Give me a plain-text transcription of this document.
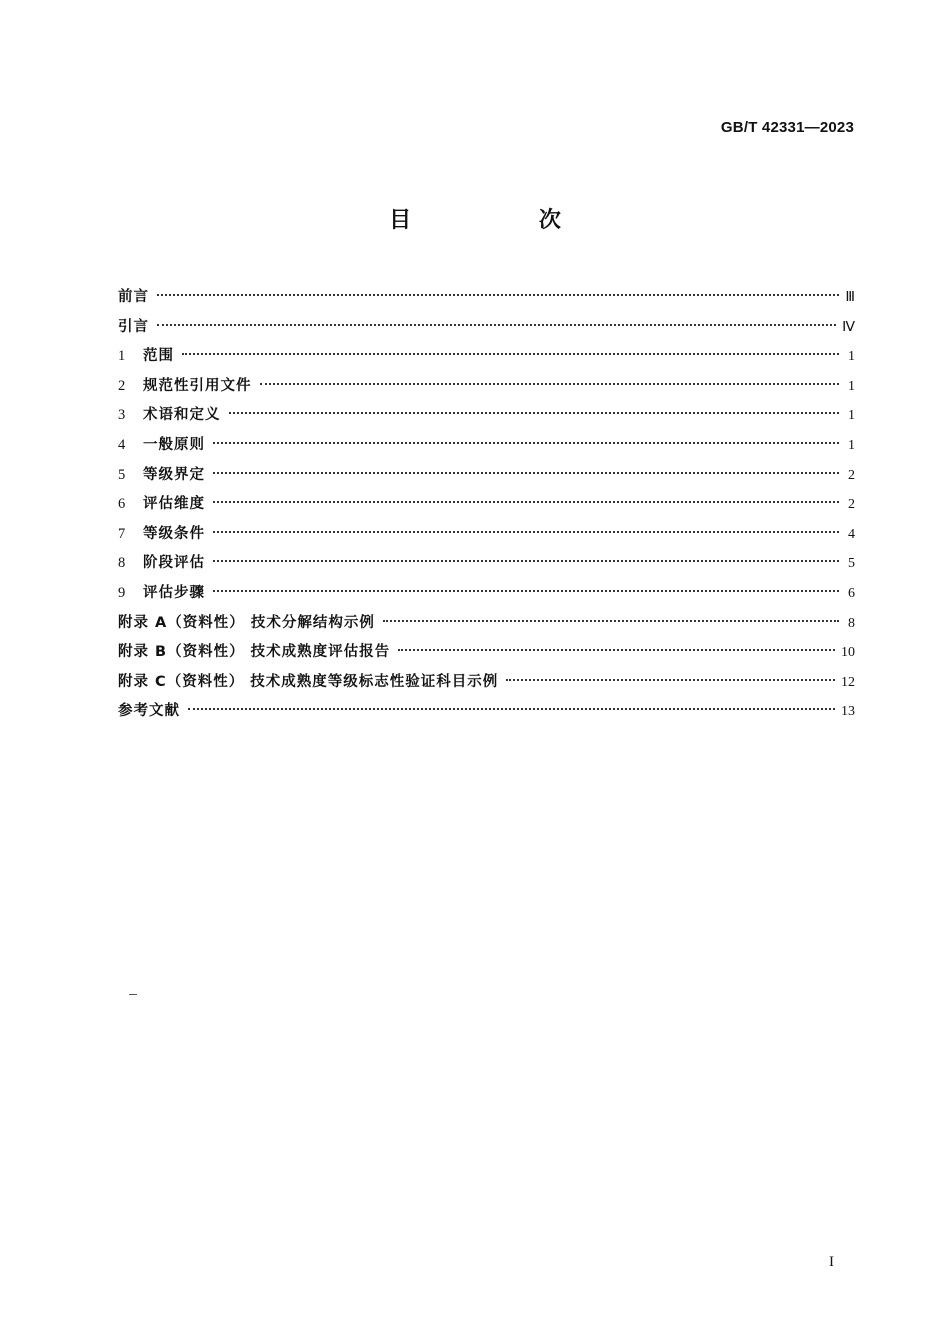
GB/T 42331—2023
目 次
前言	Ⅲ
引言	Ⅳ
1	范围	1
2	规范性引用文件	1
3	术语和定义	1
4	一般原则	1
5	等级界定	2
6	评估维度	2
7	等级条件	4
8	阶段评估	5
9	评估步骤	6
附录 A（资料性） 技术分解结构示例	8
附录 B（资料性） 技术成熟度评估报告	10
附录 C（资料性） 技术成熟度等级标志性验证科目示例	12
参考文献	13
I
